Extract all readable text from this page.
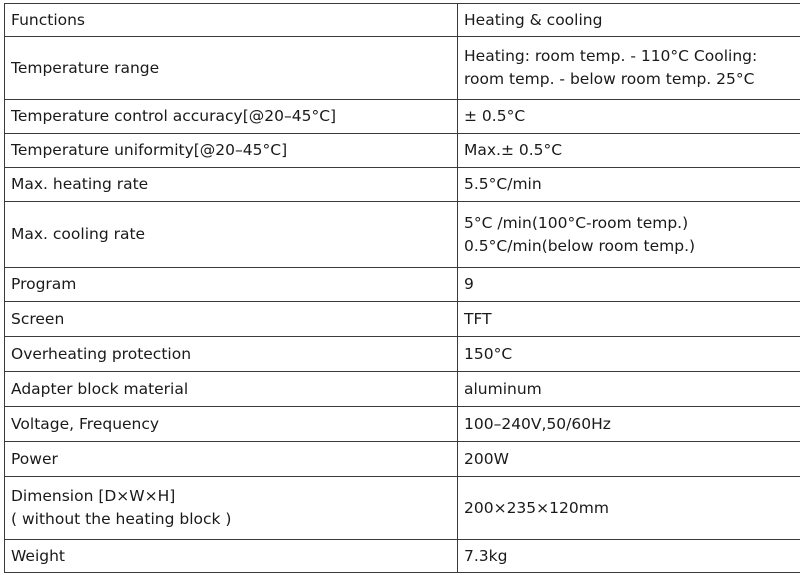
Functions	Heating & cooling
Temperature range	Heating: room temp. - 110°C Cooling:
room temp. - below room temp. 25°C
Temperature control accuracy[@20–45°C]	± 0.5°C
Temperature uniformity[@20–45°C]	Max.± 0.5°C
Max. heating rate	5.5°C/min
Max. cooling rate	5°C /min(100°C-room temp.)
0.5°C/min(below room temp.)
Program	9
Screen	TFT
Overheating protection	150°C
Adapter block material	aluminum
Voltage, Frequency	100–240V,50/60Hz
Power	200W
Dimension [D×W×H]
( without the heating block )	200×235×120mm
Weight	7.3kg
